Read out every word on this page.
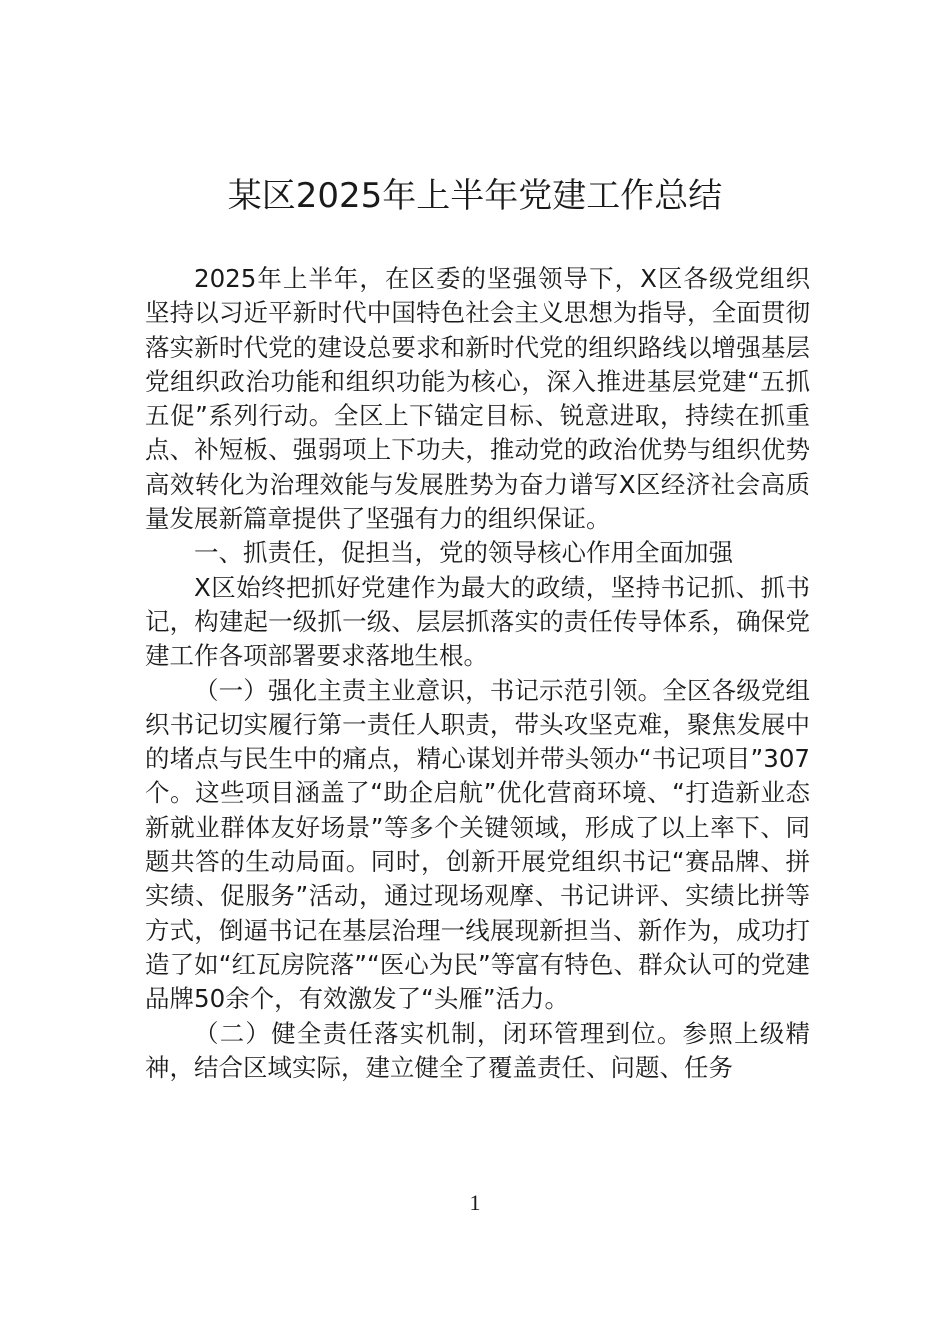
某区2025年上半年党建工作总结

2025年上半年，在区委的坚强领导下，X区各级党组织坚持以习近平新时代中国特色社会主义思想为指导，全面贯彻落实新时代党的建设总要求和新时代党的组织路线以增强基层党组织政治功能和组织功能为核心，深入推进基层党建“五抓五促”系列行动。全区上下锚定目标、锐意进取，持续在抓重点、补短板、强弱项上下功夫，推动党的政治优势与组织优势高效转化为治理效能与发展胜势为奋力谱写X区经济社会高质量发展新篇章提供了坚强有力的组织保证。

一、抓责任，促担当，党的领导核心作用全面加强

X区始终把抓好党建作为最大的政绩，坚持书记抓、抓书记，构建起一级抓一级、层层抓落实的责任传导体系，确保党建工作各项部署要求落地生根。

（一）强化主责主业意识，书记示范引领。全区各级党组织书记切实履行第一责任人职责，带头攻坚克难，聚焦发展中的堵点与民生中的痛点，精心谋划并带头领办“书记项目”307个。这些项目涵盖了“助企启航”优化营商环境、“打造新业态新就业群体友好场景”等多个关键领域，形成了以上率下、同题共答的生动局面。同时，创新开展党组织书记“赛品牌、拼实绩、促服务”活动，通过现场观摩、书记讲评、实绩比拼等方式，倒逼书记在基层治理一线展现新担当、新作为，成功打造了如“红瓦房院落”“医心为民”等富有特色、群众认可的党建品牌50余个，有效激发了“头雁”活力。

（二）健全责任落实机制，闭环管理到位。参照上级精神，结合区域实际，建立健全了覆盖责任、问题、任务

1
